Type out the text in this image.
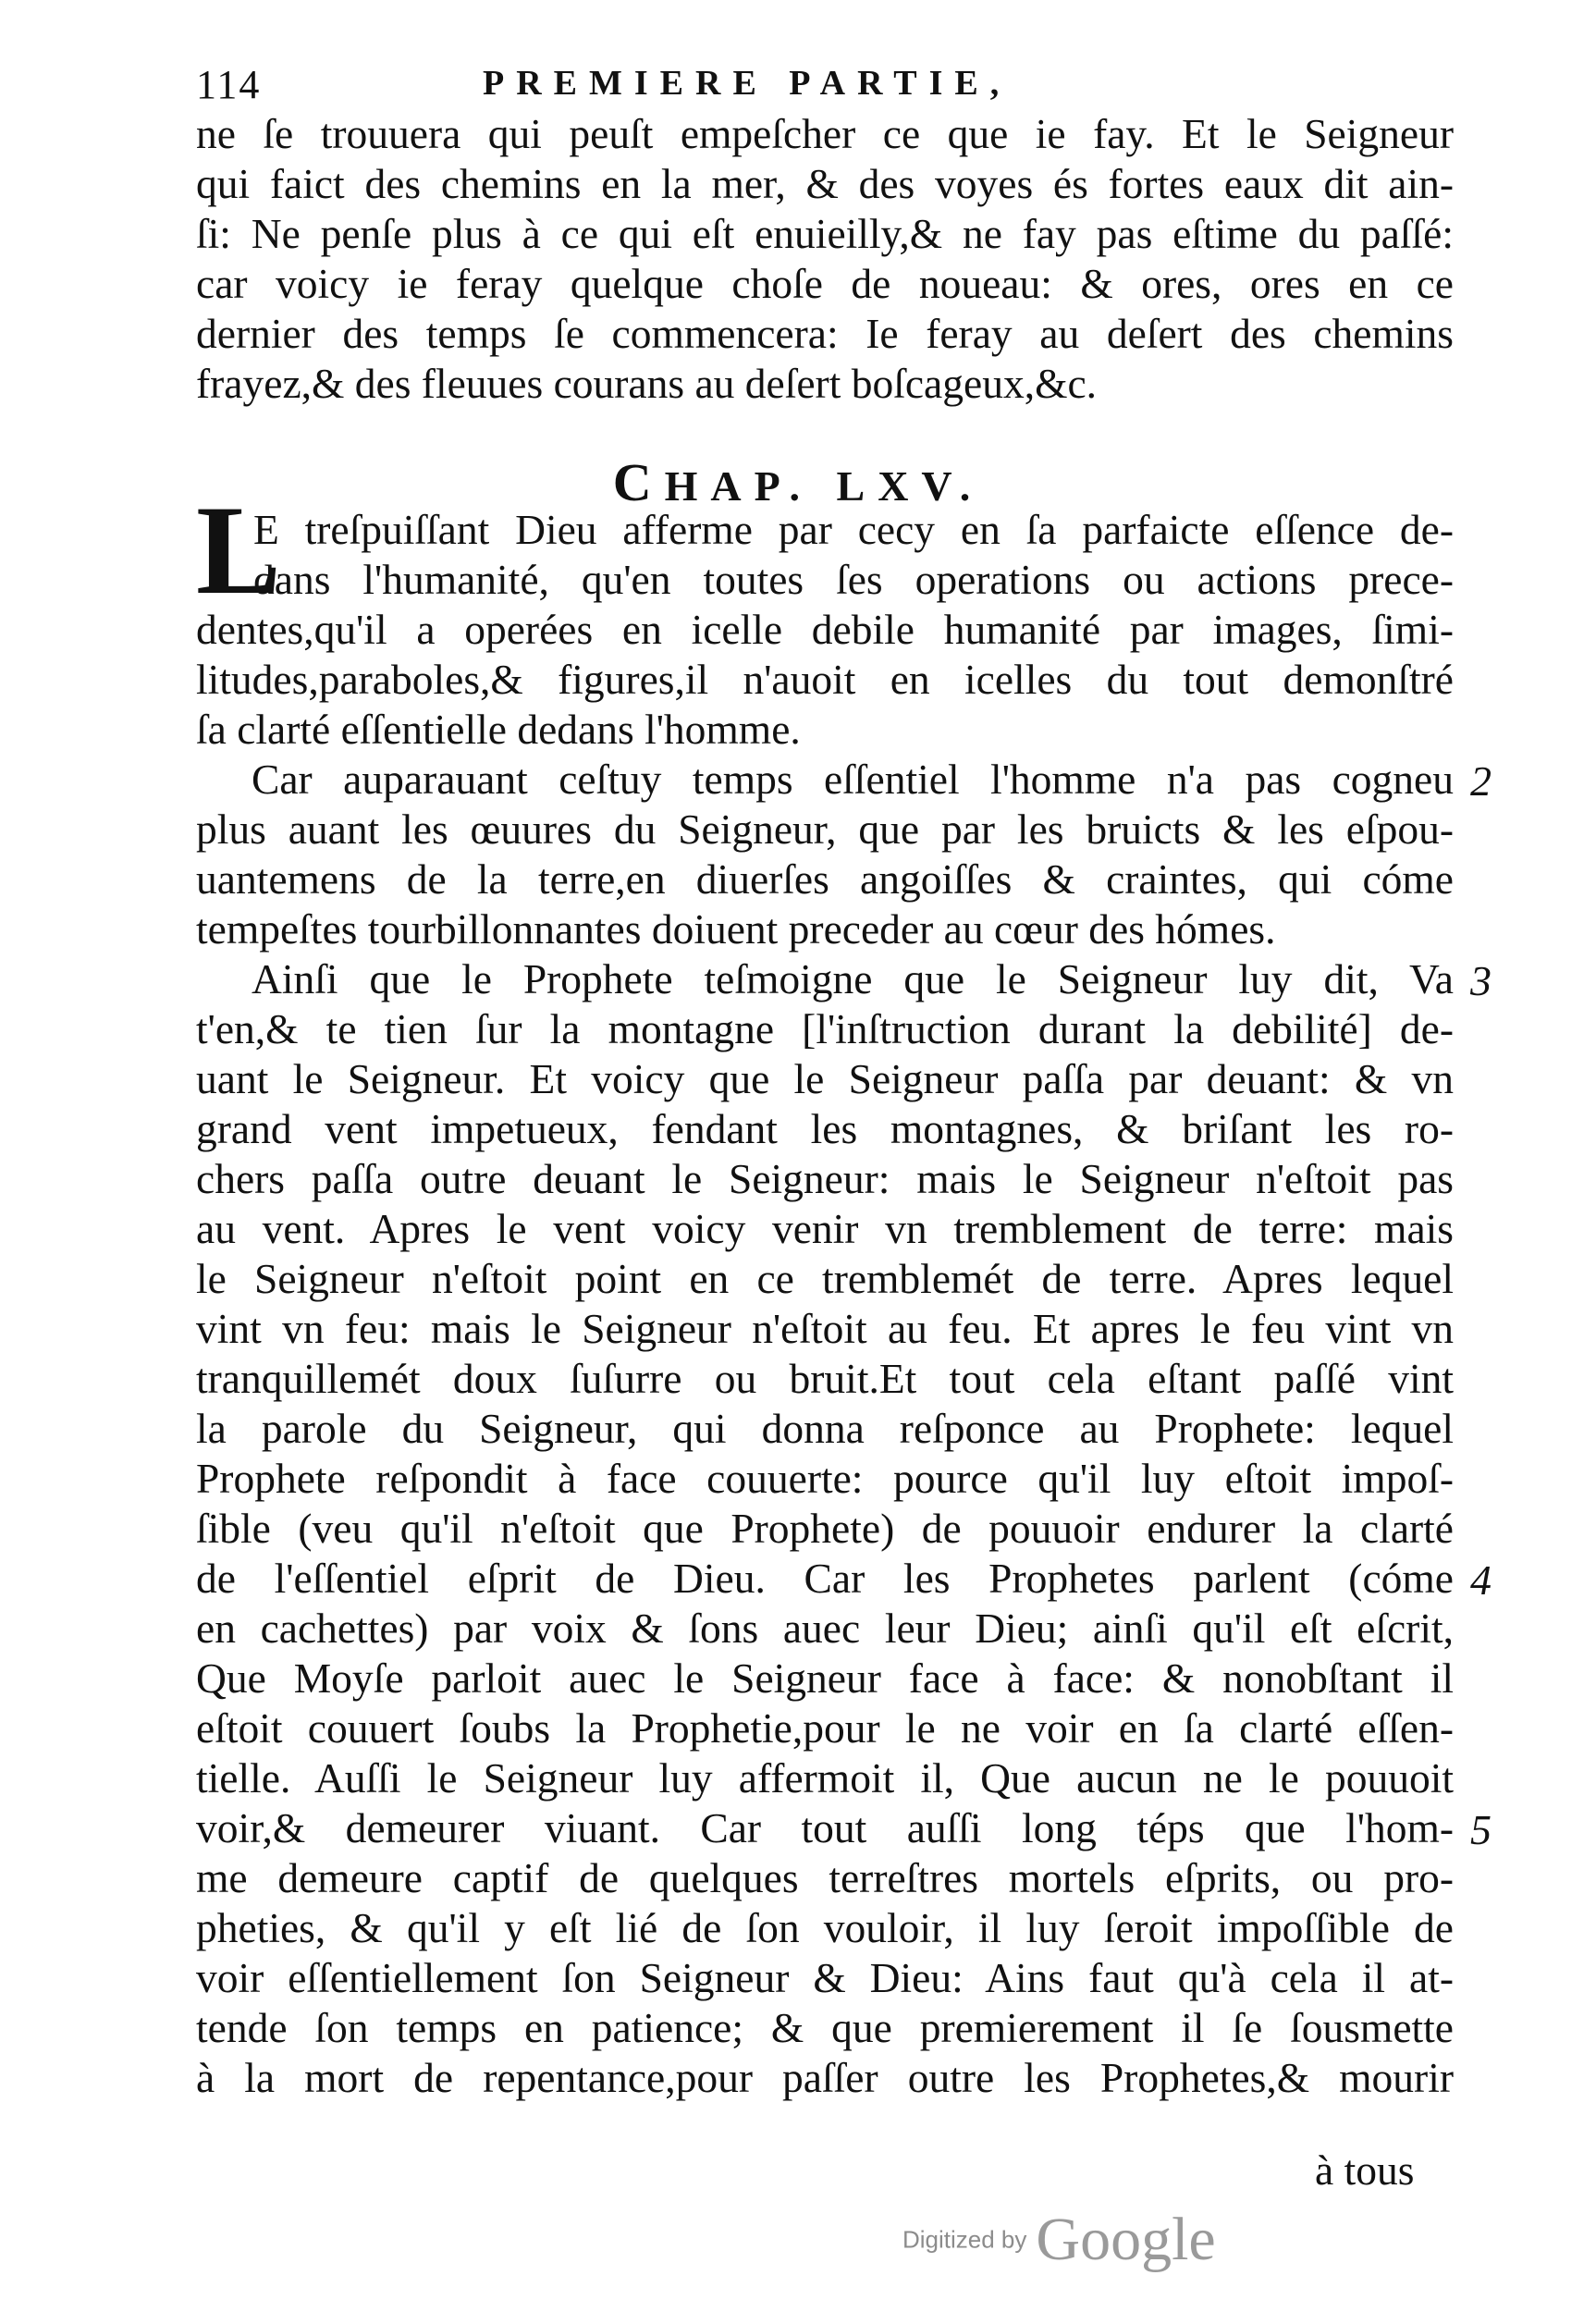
114	PREMIERE PARTIE,
ne ſe trouuera qui peuſt empeſcher ce que ie fay. Et le Seigneur
qui faict des chemins en la mer, & des voyes és fortes eaux dit ain-
ſi: Ne penſe plus à ce qui eſt enuieilly,& ne fay pas eſtime du paſſé:
car voicy ie feray quelque choſe de noueau: & ores, ores en ce
dernier des temps ſe commencera: Ie feray au deſert des chemins
frayez,& des fleuues courans au deſert boſcageux,&c.
CHAP. LXV.
L
E treſpuiſſant Dieu afferme par cecy en ſa parfaicte eſſence de-
dans l'humanité, qu'en toutes ſes operations ou actions prece-
dentes,qu'il a operées en icelle debile humanité par images, ſimi-
litudes,paraboles,& figures,il n'auoit en icelles du tout demonſtré
ſa clarté eſſentielle dedans l'homme.
Car auparauant ceſtuy temps eſſentiel l'homme n'a pas cogneu
plus auant les œuures du Seigneur, que par les bruicts & les eſpou-
uantemens de la terre,en diuerſes angoiſſes & craintes, qui cóme
tempeſtes tourbillonnantes doiuent preceder au cœur des hómes.
Ainſi que le Prophete teſmoigne que le Seigneur luy dit, Va
t'en,& te tien ſur la montagne [l'inſtruction durant la debilité] de-
uant le Seigneur. Et voicy que le Seigneur paſſa par deuant: & vn
grand vent impetueux, fendant les montagnes, & briſant les ro-
chers paſſa outre deuant le Seigneur: mais le Seigneur n'eſtoit pas
au vent. Apres le vent voicy venir vn tremblement de terre: mais
le Seigneur n'eſtoit point en ce tremblemét de terre. Apres lequel
vint vn feu: mais le Seigneur n'eſtoit au feu. Et apres le feu vint vn
tranquillemét doux ſuſurre ou bruit.Et tout cela eſtant paſſé vint
la parole du Seigneur, qui donna reſponce au Prophete: lequel
Prophete reſpondit à face couuerte: pource qu'il luy eſtoit impoſ-
ſible (veu qu'il n'eſtoit que Prophete) de pouuoir endurer la clarté
de l'eſſentiel eſprit de Dieu. Car les Prophetes parlent (cóme
en cachettes) par voix & ſons auec leur Dieu; ainſi qu'il eſt eſcrit,
Que Moyſe parloit auec le Seigneur face à face: & nonobſtant il
eſtoit couuert ſoubs la Prophetie,pour le ne voir en ſa clarté eſſen-
tielle. Auſſi le Seigneur luy affermoit il, Que aucun ne le pouuoit
voir,& demeurer viuant. Car tout auſſi long téps que l'hom-
me demeure captif de quelques terreſtres mortels eſprits, ou pro-
pheties, & qu'il y eſt lié de ſon vouloir, il luy ſeroit impoſſible de
voir eſſentiellement ſon Seigneur & Dieu: Ains faut qu'à cela il at-
tende ſon temps en patience; & que premierement il ſe ſousmette
à la mort de repentance,pour paſſer outre les Prophetes,& mourir
2
3
4
5
à tous
Digitized by Google
